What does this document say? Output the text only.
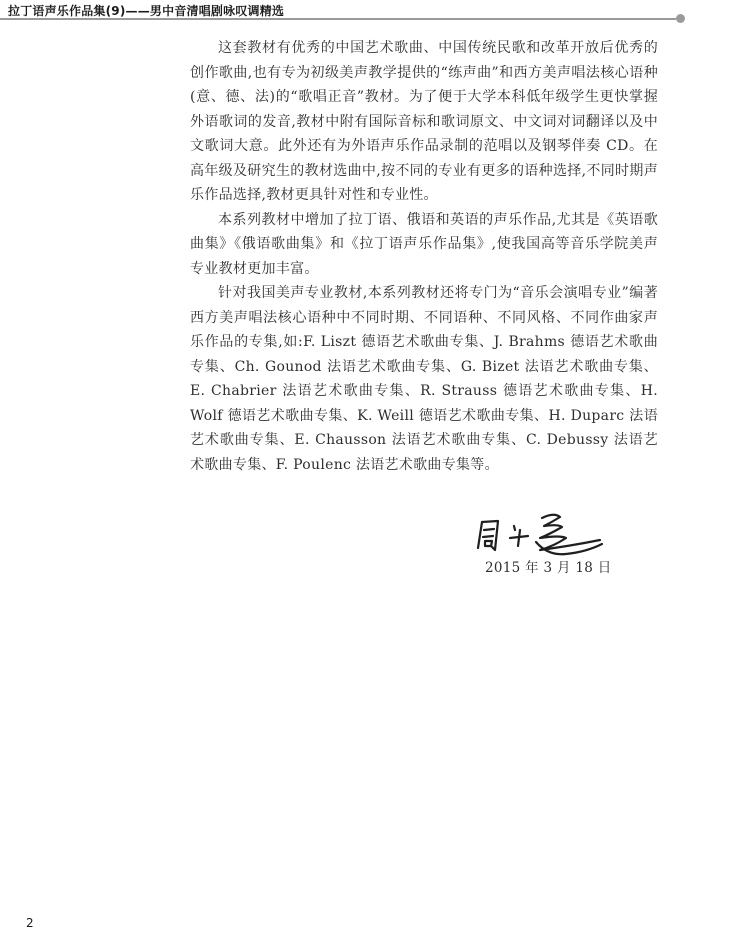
拉丁语声乐作品集(9)——男中音清唱剧咏叹调精选

这套教材有优秀的中国艺术歌曲、中国传统民歌和改革开放后优秀的创作歌曲,也有专为初级美声教学提供的“练声曲”和西方美声唱法核心语种(意、德、法)的“歌唱正音”教材。为了便于大学本科低年级学生更快掌握外语歌词的发音,教材中附有国际音标和歌词原文、中文词对词翻译以及中文歌词大意。此外还有为外语声乐作品录制的范唱以及钢琴伴奏 CD。在高年级及研究生的教材选曲中,按不同的专业有更多的语种选择,不同时期声乐作品选择,教材更具针对性和专业性。

本系列教材中增加了拉丁语、俄语和英语的声乐作品,尤其是《英语歌曲集》《俄语歌曲集》和《拉丁语声乐作品集》,使我国高等音乐学院美声专业教材更加丰富。

针对我国美声专业教材,本系列教材还将专门为“音乐会演唱专业”编著西方美声唱法核心语种中不同时期、不同语种、不同风格、不同作曲家声乐作品的专集,如:F. Liszt 德语艺术歌曲专集、J. Brahms 德语艺术歌曲专集、Ch. Gounod 法语艺术歌曲专集、G. Bizet 法语艺术歌曲专集、E. Chabrier 法语艺术歌曲专集、R. Strauss 德语艺术歌曲专集、H. Wolf 德语艺术歌曲专集、K. Weill 德语艺术歌曲专集、H. Duparc 法语艺术歌曲专集、E. Chausson 法语艺术歌曲专集、C. Debussy 法语艺术歌曲专集、F. Poulenc 法语艺术歌曲专集等。

2015 年 3 月 18 日
2
